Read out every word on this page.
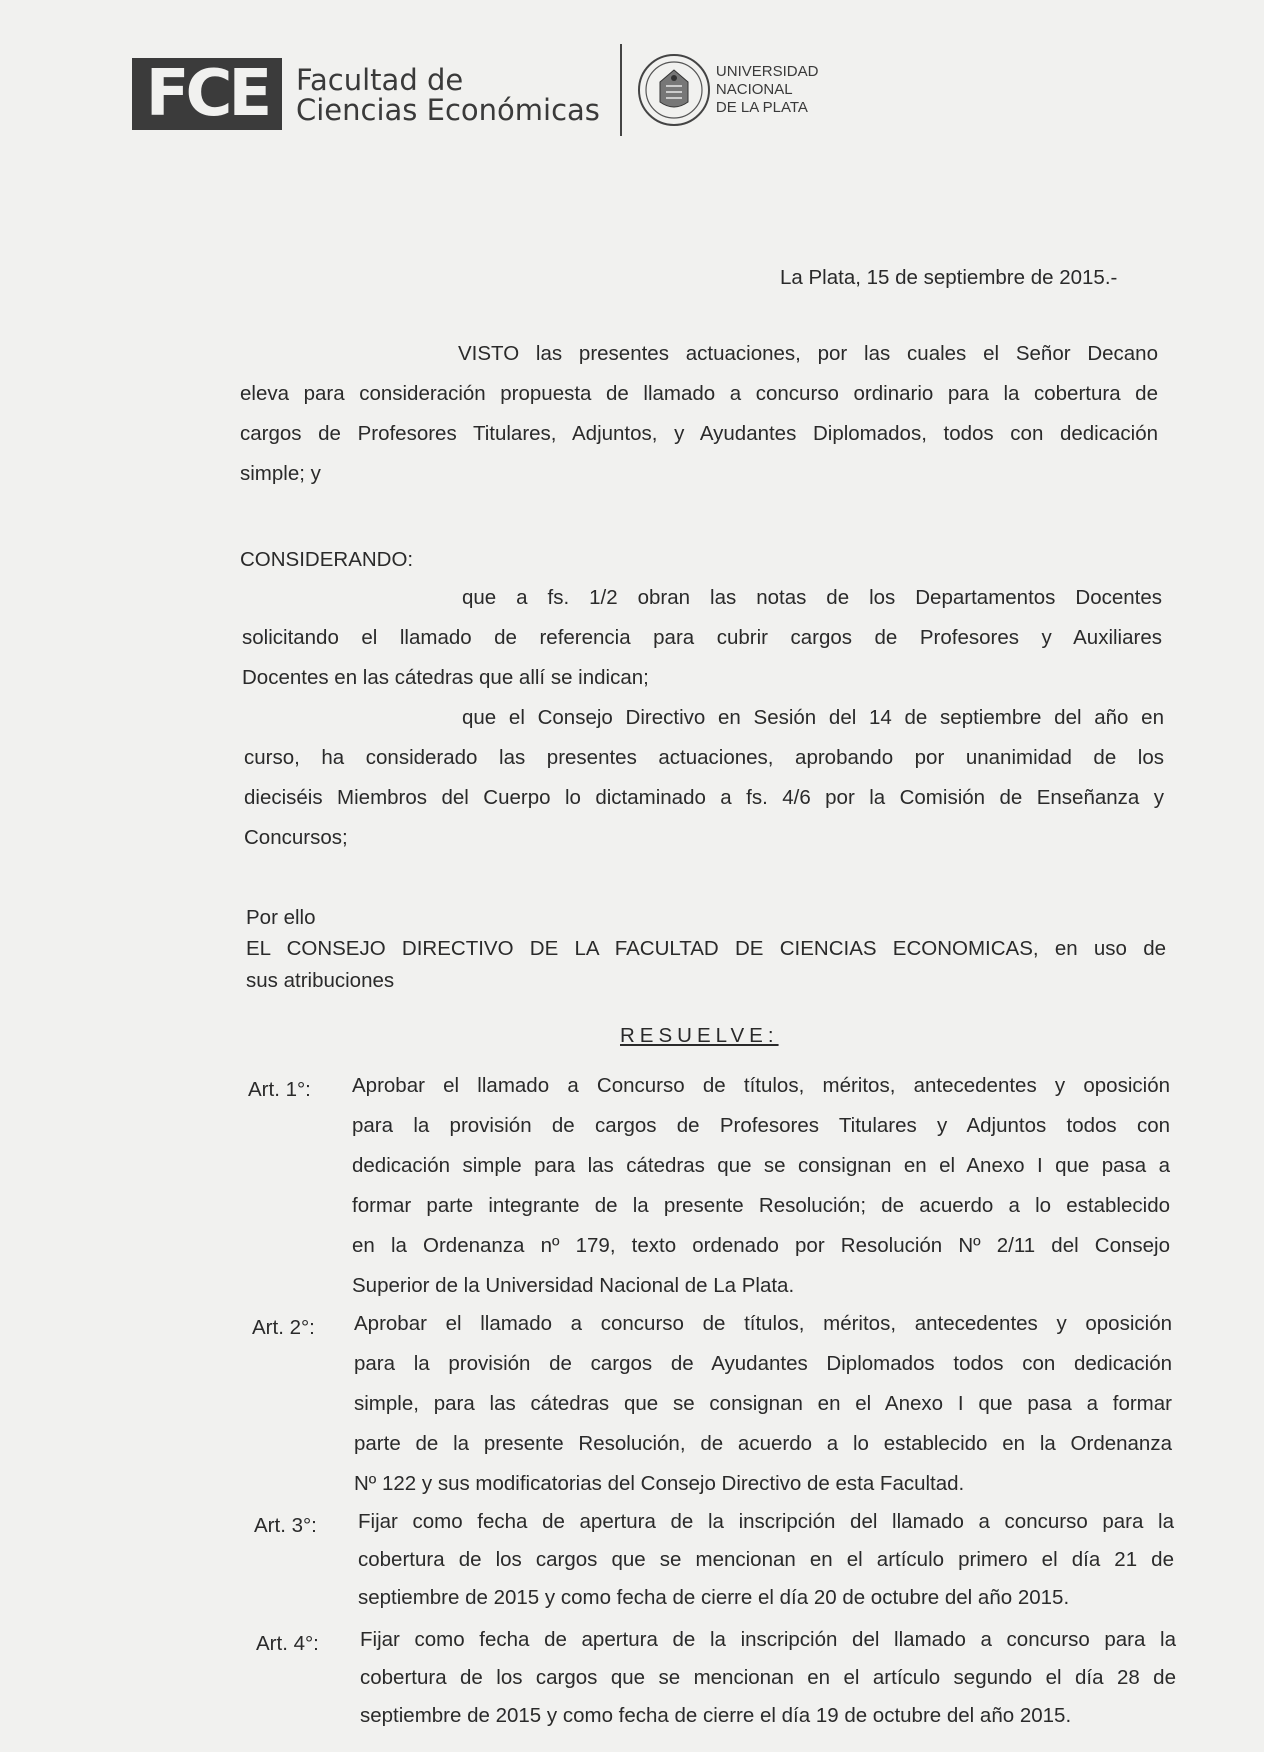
FCE Facultad de
Ciencias Económicas
UNIVERSIDAD
NACIONAL
DE LA PLATA
La Plata, 15 de septiembre de 2015.-
VISTO las presentes actuaciones, por las cuales el Señor Decano
eleva para consideración propuesta de llamado a concurso ordinario para la cobertura de
cargos de Profesores Titulares, Adjuntos, y Ayudantes Diplomados, todos con dedicación
simple; y
CONSIDERANDO:
que a fs. 1/2 obran las notas de los Departamentos Docentes
solicitando el llamado de referencia para cubrir cargos de Profesores y Auxiliares
Docentes en las cátedras que allí se indican;
que el Consejo Directivo en Sesión del 14 de septiembre del año en
curso, ha considerado las presentes actuaciones, aprobando por unanimidad de los
dieciséis Miembros del Cuerpo lo dictaminado a fs. 4/6 por la Comisión de Enseñanza y
Concursos;
Por ello
EL CONSEJO DIRECTIVO DE LA FACULTAD DE CIENCIAS ECONOMICAS, en uso de
sus atribuciones
RESUELVE:
Art. 1°: Aprobar el llamado a Concurso de títulos, méritos, antecedentes y oposición
para la provisión de cargos de Profesores Titulares y Adjuntos todos con
dedicación simple para las cátedras que se consignan en el Anexo I que pasa a
formar parte integrante de la presente Resolución; de acuerdo a lo establecido
en la Ordenanza nº 179, texto ordenado por Resolución Nº 2/11 del Consejo
Superior de la Universidad Nacional de La Plata.
Art. 2°: Aprobar el llamado a concurso de títulos, méritos, antecedentes y oposición
para la provisión de cargos de Ayudantes Diplomados todos con dedicación
simple, para las cátedras que se consignan en el Anexo I que pasa a formar
parte de la presente Resolución, de acuerdo a lo establecido en la Ordenanza
Nº 122 y sus modificatorias del Consejo Directivo de esta Facultad.
Art. 3°: Fijar como fecha de apertura de la inscripción del llamado a concurso para la
cobertura de los cargos que se mencionan en el artículo primero el día 21 de
septiembre de 2015 y como fecha de cierre el día 20 de octubre del año 2015.
Art. 4°: Fijar como fecha de apertura de la inscripción del llamado a concurso para la
cobertura de los cargos que se mencionan en el artículo segundo el día 28 de
septiembre de 2015 y como fecha de cierre el día 19 de octubre del año 2015.
